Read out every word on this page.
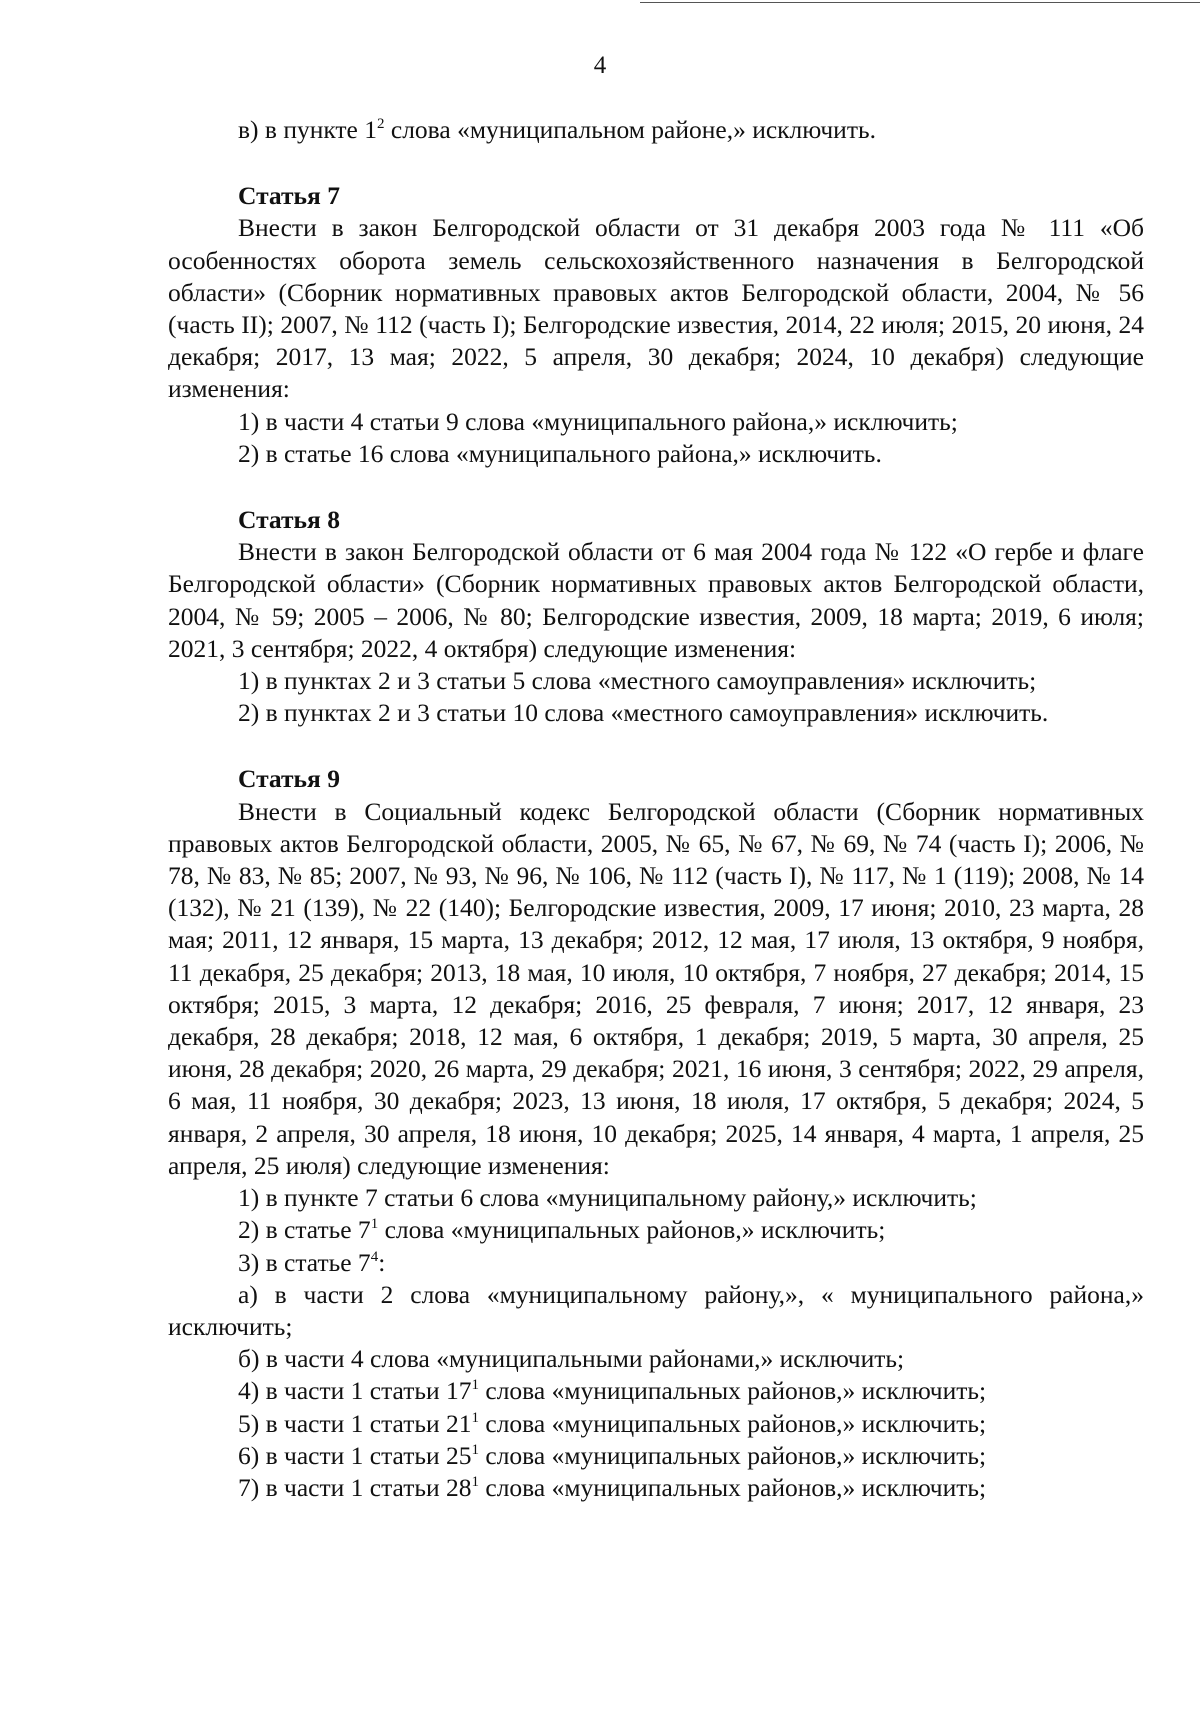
4

в) в пункте $1^2$ слова «муниципальном районе,» исключить.

Статья 7

Внести в закон Белгородской области от 31 декабря 2003 года № 111 «Об особенностях оборота земель сельскохозяйственного назначения в Белгородской области» (Сборник нормативных правовых актов Белгородской области, 2004, № 56 (часть II); 2007, № 112 (часть I); Белгородские известия, 2014, 22 июля; 2015, 20 июня, 24 декабря; 2017, 13 мая; 2022, 5 апреля, 30 декабря; 2024, 10 декабря) следующие изменения:

1) в части 4 статьи 9 слова «муниципального района,» исключить;

2) в статье 16 слова «муниципального района,» исключить.

Статья 8

Внести в закон Белгородской области от 6 мая 2004 года № 122 «О гербе и флаге Белгородской области» (Сборник нормативных правовых актов Белгородской области, 2004, № 59; 2005 – 2006, № 80; Белгородские известия, 2009, 18 марта; 2019, 6 июля; 2021, 3 сентября; 2022, 4 октября) следующие изменения:

1) в пунктах 2 и 3 статьи 5 слова «местного самоуправления» исключить;

2) в пунктах 2 и 3 статьи 10 слова «местного самоуправления» исключить.

Статья 9

Внести в Социальный кодекс Белгородской области (Сборник нормативных правовых актов Белгородской области, 2005, № 65, № 67, № 69, № 74 (часть I); 2006, № 78, № 83, № 85; 2007, № 93, № 96, № 106, № 112 (часть I), № 117, № 1 (119); 2008, № 14 (132), № 21 (139), № 22 (140); Белгородские известия, 2009, 17 июня; 2010, 23 марта, 28 мая; 2011, 12 января, 15 марта, 13 декабря; 2012, 12 мая, 17 июля, 13 октября, 9 ноября, 11 декабря, 25 декабря; 2013, 18 мая, 10 июля, 10 октября, 7 ноября, 27 декабря; 2014, 15 октября; 2015, 3 марта, 12 декабря; 2016, 25 февраля, 7 июня; 2017, 12 января, 23 декабря, 28 декабря; 2018, 12 мая, 6 октября, 1 декабря; 2019, 5 марта, 30 апреля, 25 июня, 28 декабря; 2020, 26 марта, 29 декабря; 2021, 16 июня, 3 сентября; 2022, 29 апреля, 6 мая, 11 ноября, 30 декабря; 2023, 13 июня, 18 июля, 17 октября, 5 декабря; 2024, 5 января, 2 апреля, 30 апреля, 18 июня, 10 декабря; 2025, 14 января, 4 марта, 1 апреля, 25 апреля, 25 июля) следующие изменения:

1) в пункте 7 статьи 6 слова «муниципальному району,» исключить;

2) в статье $7^1$ слова «муниципальных районов,» исключить;

3) в статье $7^4$:

а) в части 2 слова «муниципальному району,», « муниципального района,» исключить;

б) в части 4 слова «муниципальными районами,» исключить;

4) в части 1 статьи $17^1$ слова «муниципальных районов,» исключить;

5) в части 1 статьи $21^1$ слова «муниципальных районов,» исключить;

6) в части 1 статьи $25^1$ слова «муниципальных районов,» исключить;

7) в части 1 статьи $28^1$ слова «муниципальных районов,» исключить;
